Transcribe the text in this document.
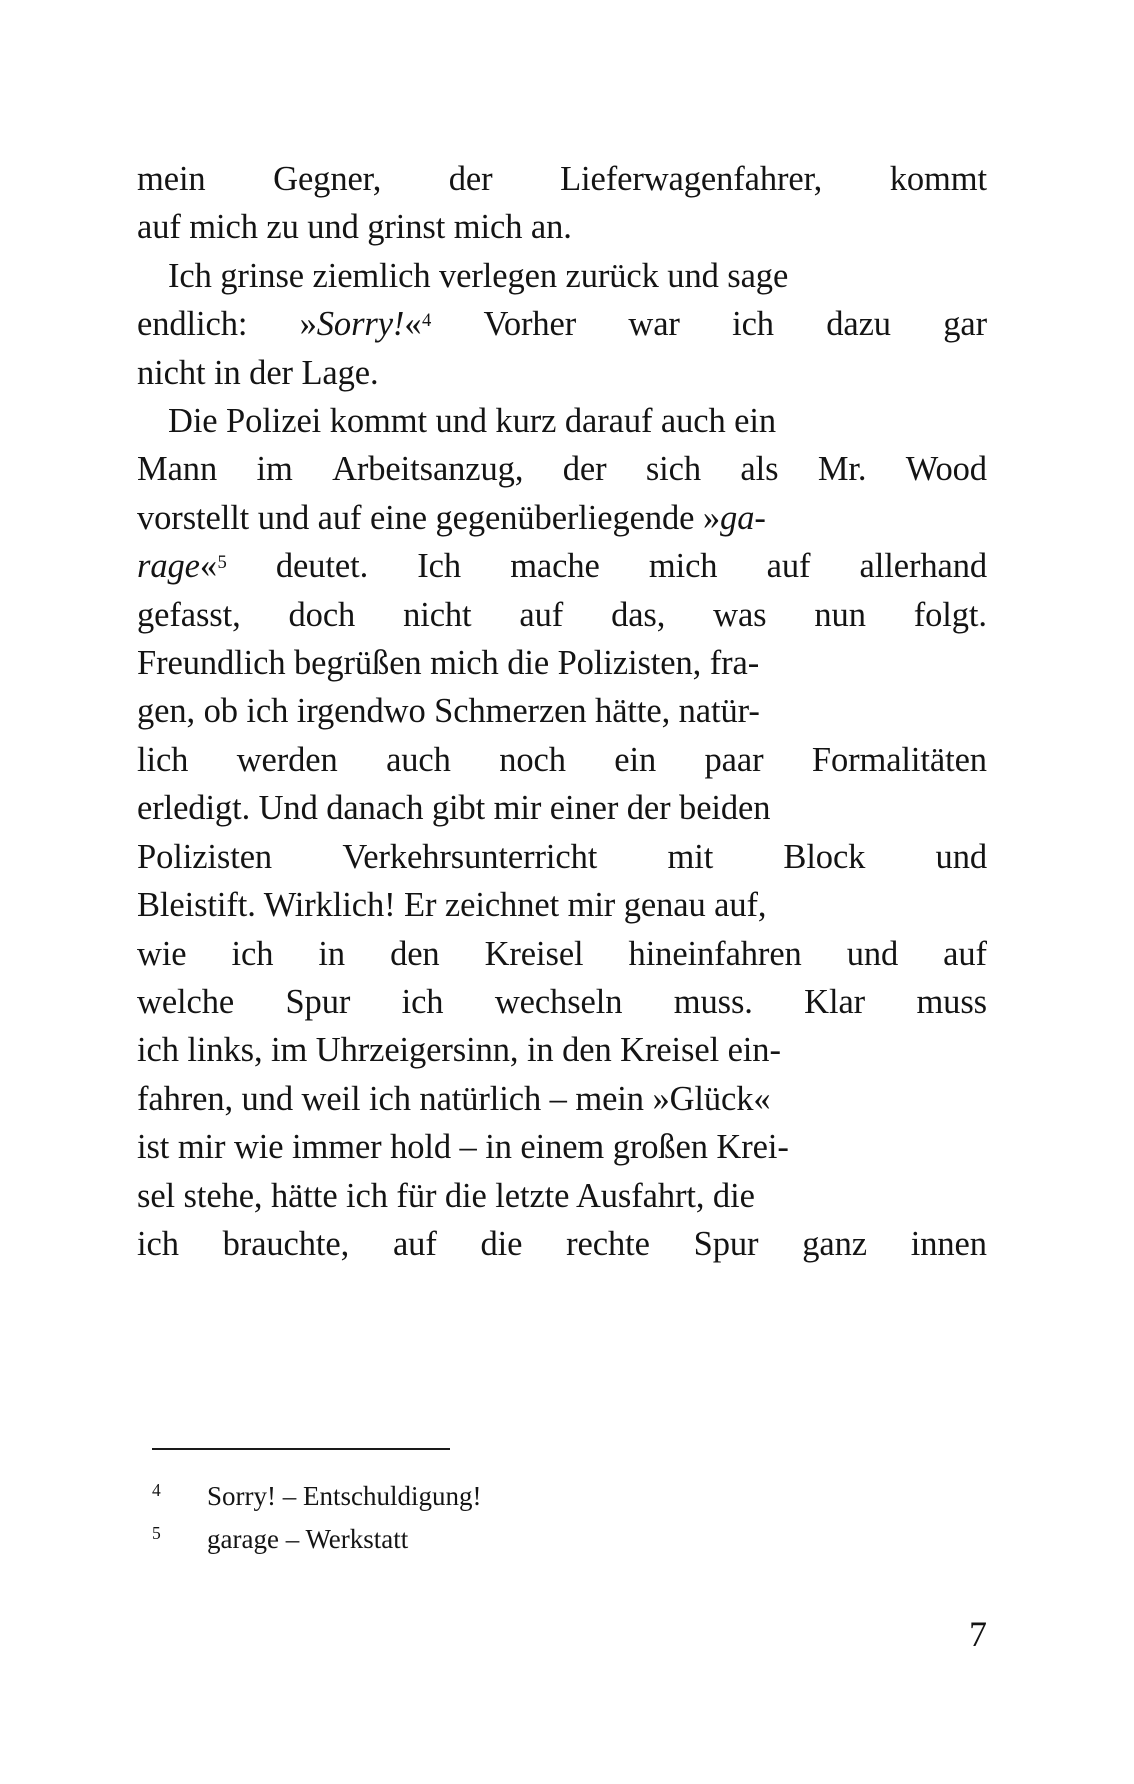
mein Gegner, der Lieferwagenfahrer, kommt
auf mich zu und grinst mich an.

Ich grinse ziemlich verlegen zurück und sage
endlich: »Sorry!«$^4$ Vorher war ich dazu gar
nicht in der Lage.

Die Polizei kommt und kurz darauf auch ein
Mann im Arbeitsanzug, der sich als Mr. Wood
vorstellt und auf eine gegenüberliegende »ga-
rage«$^5$ deutet. Ich mache mich auf allerhand
gefasst, doch nicht auf das, was nun folgt.
Freundlich begrüßen mich die Polizisten, fra-
gen, ob ich irgendwo Schmerzen hätte, natür-
lich werden auch noch ein paar Formalitäten
erledigt. Und danach gibt mir einer der beiden
Polizisten Verkehrsunterricht mit Block und
Bleistift. Wirklich! Er zeichnet mir genau auf,
wie ich in den Kreisel hineinfahren und auf
welche Spur ich wechseln muss. Klar muss
ich links, im Uhrzeigersinn, in den Kreisel ein-
fahren, und weil ich natürlich – mein »Glück«
ist mir wie immer hold – in einem großen Krei-
sel stehe, hätte ich für die letzte Ausfahrt, die
ich brauchte, auf die rechte Spur ganz innen

4	Sorry! – Entschuldigung!
5	garage – Werkstatt
7
